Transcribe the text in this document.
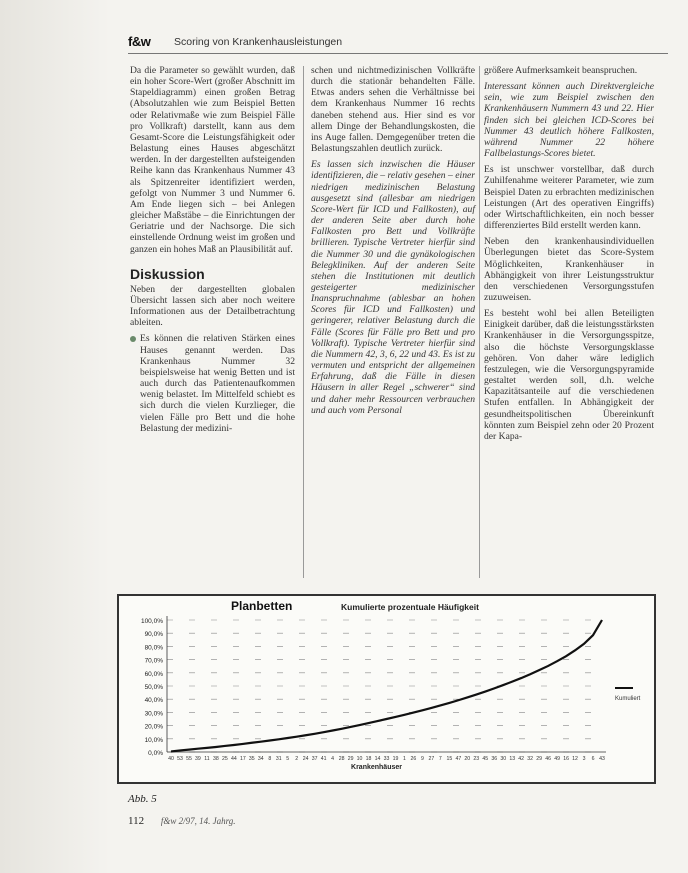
f&w	Scoring von Krankenhausleistungen

Da die Parameter so gewählt wurden, daß ein hoher Score-Wert (großer Abschnitt im Stapeldiagramm) einen großen Betrag (Absolutzahlen wie zum Beispiel Betten oder Relativmaße wie zum Beispiel Fälle pro Vollkraft) darstellt, kann aus dem Gesamt-Score die Leistungsfähigkeit oder Belastung eines Hauses abgeschätzt werden. In der dargestellten aufsteigenden Reihe kann das Krankenhaus Nummer 43 als Spitzenreiter identifiziert werden, gefolgt von Nummer 3 und Nummer 6. Am Ende liegen sich – bei Anlegen gleicher Maßstäbe – die Einrichtungen der Geriatrie und der Nachsorge. Die sich einstellende Ordnung weist im großen und ganzen ein hohes Maß an Plausibilität auf.

Diskussion

Neben der dargestellten globalen Übersicht lassen sich aber noch weitere Informationen aus der Detailbetrachtung ableiten.

Es können die relativen Stärken eines Hauses genannt werden. Das Krankenhaus Nummer 32 beispielsweise hat wenig Betten und ist auch durch das Patientenaufkommen wenig belastet. Im Mittelfeld schiebt es sich durch die vielen Kurzlieger, die vielen Fälle pro Bett und die hohe Belastung der medizini-

schen und nichtmedizinischen Vollkräfte durch die stationär behandelten Fälle. Etwas anders sehen die Verhältnisse bei dem Krankenhaus Nummer 16 rechts daneben stehend aus. Hier sind es vor allem Dinge der Behandlungskosten, die ins Auge fallen. Demgegenüber treten die Belastungszahlen deutlich zurück.

Es lassen sich inzwischen die Häuser identifizieren, die – relativ gesehen – einer niedrigen medizinischen Belastung ausgesetzt sind (allesbar am niedrigen Score-Wert für ICD und Fallkosten), auf der anderen Seite aber durch hohe Fallkosten pro Bett und Vollkräfte brillieren. Typische Vertreter hierfür sind die Nummer 30 und die gynäkologischen Belegkliniken. Auf der anderen Seite stehen die Institutionen mit deutlich gesteigerter medizinischer Inanspruchnahme (ablesbar an hohen Scores für ICD und Fallkosten) und geringerer, relativer Belastung durch die Fälle (Scores für Fälle pro Bett und pro Vollkraft). Typische Vertreter hierfür sind die Nummern 42, 3, 6, 22 und 43. Es ist zu vermuten und entspricht der allgemeinen Erfahrung, daß die Fälle in diesen Häusern in aller Regel „schwerer“ sind und daher mehr Ressourcen verbrauchen und auch vom Personal

größere Aufmerksamkeit beanspruchen.

Interessant können auch Direktvergleiche sein, wie zum Beispiel zwischen den Krankenhäusern Nummern 43 und 22. Hier finden sich bei gleichen ICD-Scores bei Nummer 43 deutlich höhere Fallkosten, während Nummer 22 höhere Fallbelastungs-Scores bietet.

Es ist unschwer vorstellbar, daß durch Zuhilfenahme weiterer Parameter, wie zum Beispiel Daten zu erbrachten medizinischen Leistungen (Art des operativen Eingriffs) oder Wirtschaftlichkeiten, ein noch besser differenziertes Bild erstellt werden kann.

Neben den krankenhausindividuellen Überlegungen bietet das Score-System Möglichkeiten, Krankenhäuser in Abhängigkeit von ihrer Leistungsstruktur den verschiedenen Versorgungsstufen zuzuweisen.

Es besteht wohl bei allen Beteiligten Einigkeit darüber, daß die leistungsstärksten Krankenhäuser in die Versorgungsspitze, also die höchste Versorgungsklasse gehören. Von daher wäre lediglich festzulegen, wie die Versorgungspyramide gestaltet werden soll, d.h. welche Kapazitätsanteile auf die verschiedenen Stufen entfallen. In Abhängigkeit der gesundheitspolitischen Übereinkunft könnten zum Beispiel zehn oder 20 Prozent der Kapa-

Planbetten	Kumulierte prozentuale Häufigkeit
0,0%
10,0%
20,0%
30,0%
40,0%
50,0%
60,0%
70,0%
80,0%
90,0%
100,0%
40 53 55 39 11 38 25 44 17 35 34 8 31 5 2 24 37 41 4 28 29 10 18 14 33 19 1 26 9 27 7 15 47 20 23 45 36 30 13 42 32 29 46 49 16 12 3 6 43
Krankenhäuser
Kumuliert
Abb. 5
112 f&w 2/97, 14. Jahrg.
